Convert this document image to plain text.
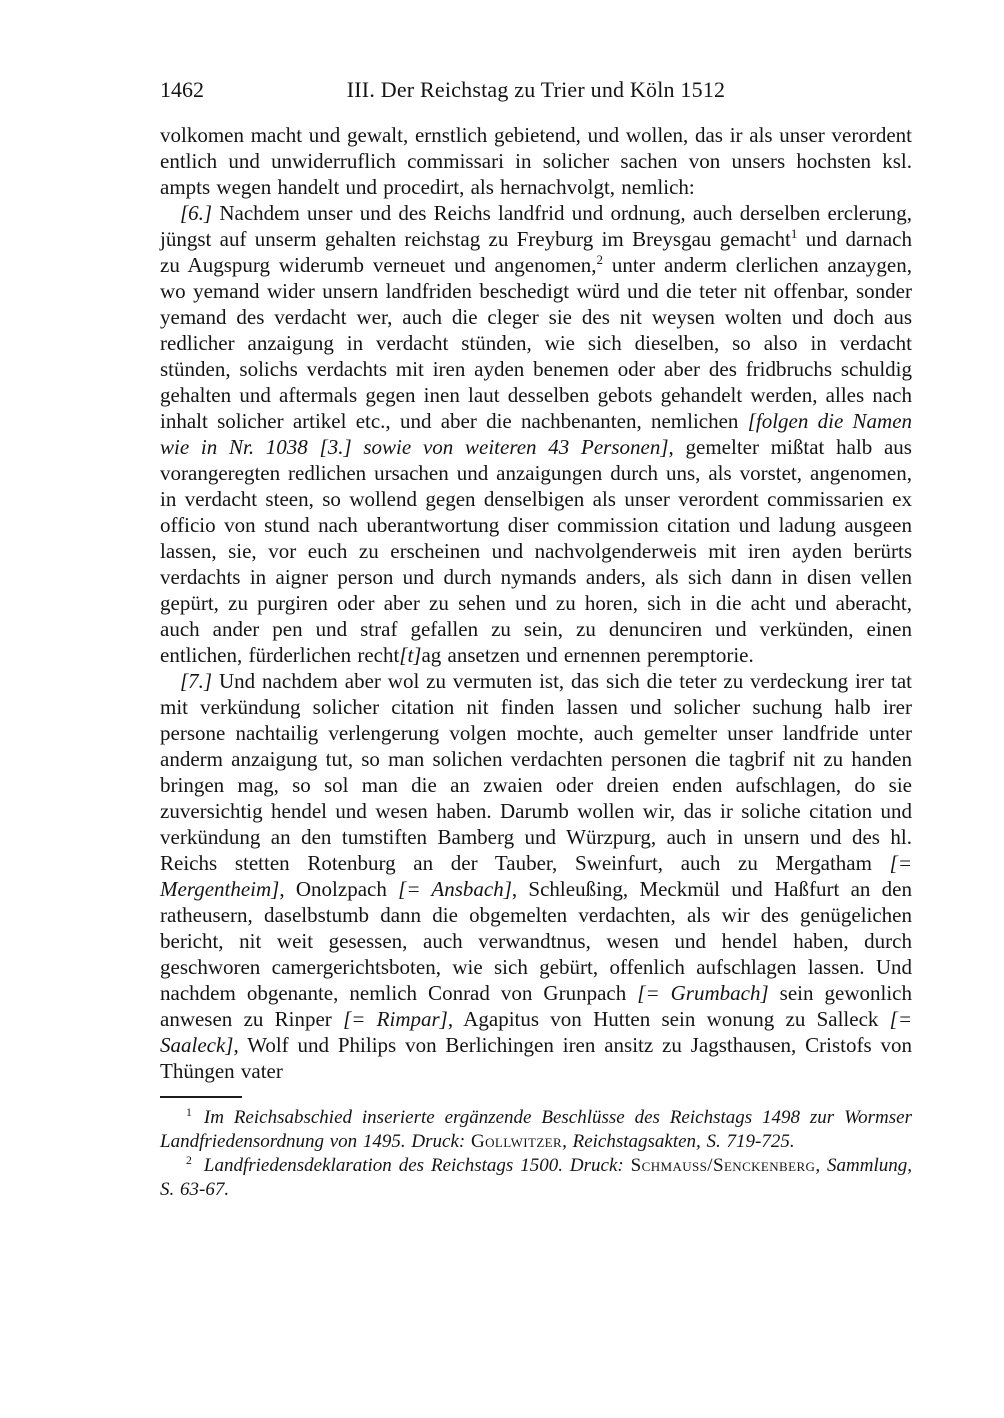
1462	III. Der Reichstag zu Trier und Köln 1512

volkomen macht und gewalt, ernstlich gebietend, und wollen, das ir als unser verordent entlich und unwiderruflich commissari in solicher sachen von unsers hochsten ksl. ampts wegen handelt und procedirt, als hernachvolgt, nemlich:

[6.] Nachdem unser und des Reichs landfrid und ordnung, auch derselben erclerung, jüngst auf unserm gehalten reichstag zu Freyburg im Breysgau gemacht$^1$ und darnach zu Augspurg widerumb verneuet und angenomen,$^2$ unter anderm clerlichen anzaygen, wo yemand wider unsern landfriden beschedigt würd und die teter nit offenbar, sonder yemand des verdacht wer, auch die cleger sie des nit weysen wolten und doch aus redlicher anzaigung in verdacht stünden, wie sich dieselben, so also in verdacht stünden, solichs verdachts mit iren ayden benemen oder aber des fridbruchs schuldig gehalten und aftermals gegen inen laut desselben gebots gehandelt werden, alles nach inhalt solicher artikel etc., und aber die nachbenanten, nemlichen [folgen die Namen wie in Nr. 1038 [3.] sowie von weiteren 43 Personen], gemelter mißtat halb aus vorangeregten redlichen ursachen und anzaigungen durch uns, als vorstet, angenomen, in verdacht steen, so wollend gegen denselbigen als unser verordent commissarien ex officio von stund nach uberantwortung diser commission citation und ladung ausgeen lassen, sie, vor euch zu erscheinen und nachvolgenderweis mit iren ayden berürts verdachts in aigner person und durch nymands anders, als sich dann in disen vellen gepürt, zu purgiren oder aber zu sehen und zu horen, sich in die acht und aberacht, auch ander pen und straf gefallen zu sein, zu denunciren und verkünden, einen entlichen, fürderlichen recht[t]ag ansetzen und ernennen peremptorie.

[7.] Und nachdem aber wol zu vermuten ist, das sich die teter zu verdeckung irer tat mit verkündung solicher citation nit finden lassen und solicher suchung halb irer persone nachtailig verlengerung volgen mochte, auch gemelter unser landfride unter anderm anzaigung tut, so man solichen verdachten personen die tagbrif nit zu handen bringen mag, so sol man die an zwaien oder dreien enden aufschlagen, do sie zuversichtig hendel und wesen haben. Darumb wollen wir, das ir soliche citation und verkündung an den tumstiften Bamberg und Würzpurg, auch in unsern und des hl. Reichs stetten Rotenburg an der Tauber, Sweinfurt, auch zu Mergatham [= Mergentheim], Onolzpach [= Ansbach], Schleußing, Meckmül und Haßfurt an den ratheusern, daselbstumb dann die obgemelten verdachten, als wir des genügelichen bericht, nit weit gesessen, auch verwandtnus, wesen und hendel haben, durch geschworen camergerichtsboten, wie sich gebürt, offenlich aufschlagen lassen. Und nachdem obgenante, nemlich Conrad von Grunpach [= Grumbach] sein gewonlich anwesen zu Rinper [= Rimpar], Agapitus von Hutten sein wonung zu Salleck [= Saaleck], Wolf und Philips von Berlichingen iren ansitz zu Jagsthausen, Cristofs von Thüngen vater

$^1$ Im Reichsabschied inserierte ergänzende Beschlüsse des Reichstags 1498 zur Wormser Landfriedensordnung von 1495. Druck: Gollwitzer, Reichstagsakten, S. 719-725.

$^2$ Landfriedensdeklaration des Reichstags 1500. Druck: Schmauss/Senckenberg, Sammlung, S. 63-67.
